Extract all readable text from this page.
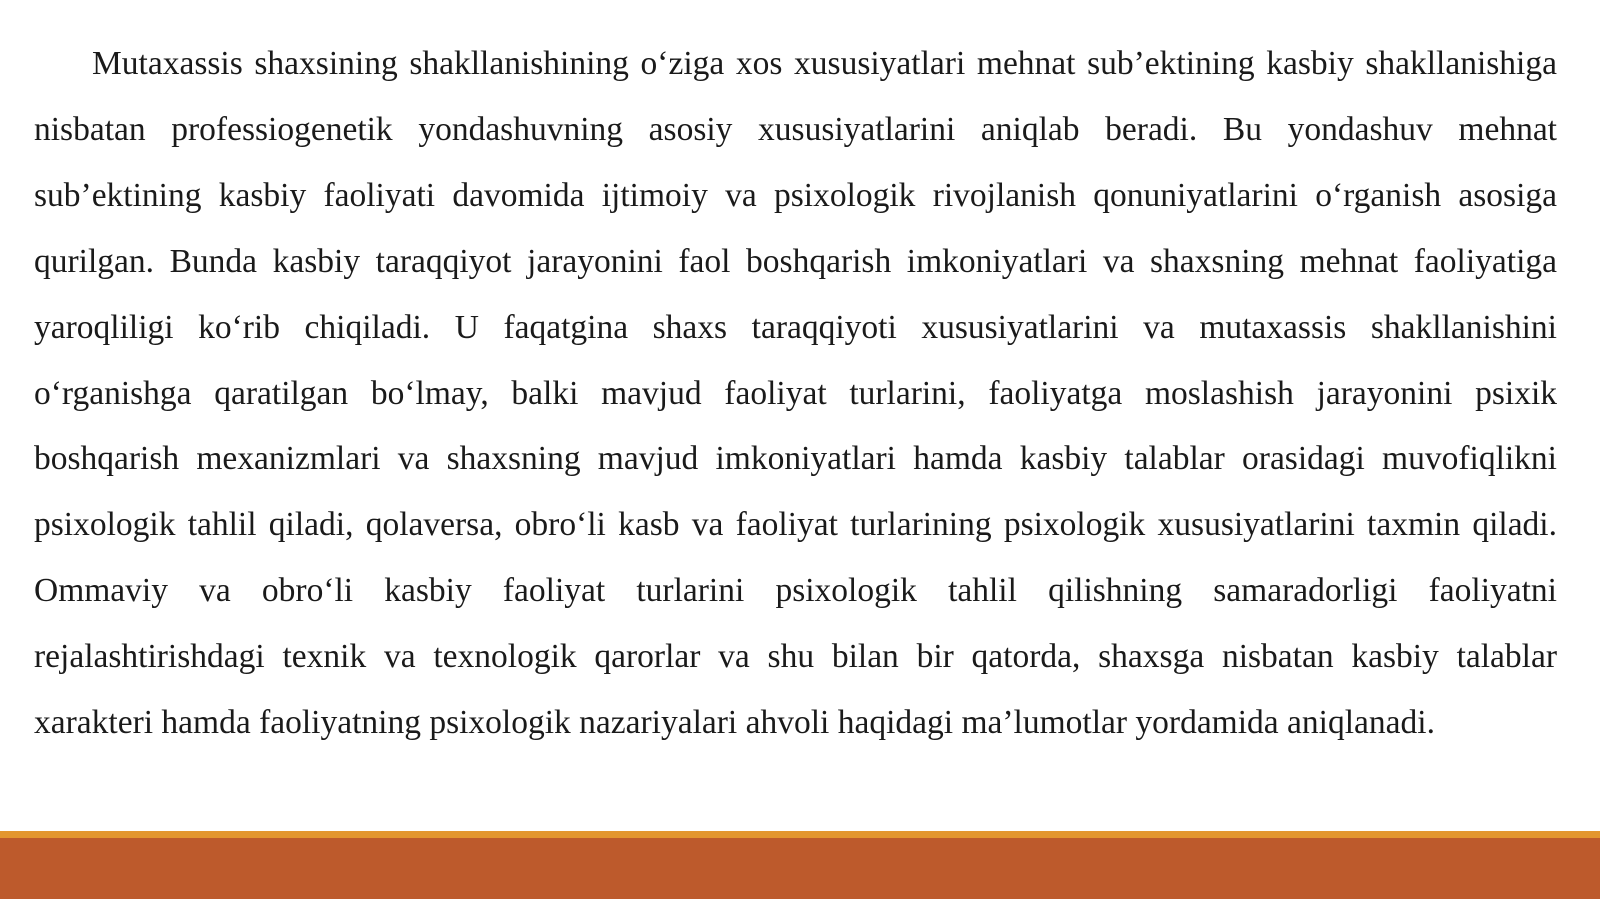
Mutaxassis shaxsining shakllanishining o‘ziga xos xususiyatlari mehnat sub’ektining kasbiy shakllanishiga nisbatan professiogenetik yondashuvning asosiy xususiyatlarini aniqlab beradi. Bu yondashuv mehnat sub’ektining kasbiy faoliyati davomida ijtimoiy va psixologik rivojlanish qonuniyatlarini o‘rganish asosiga qurilgan. Bunda kasbiy taraqqiyot jarayonini faol boshqarish imkoniyatlari va shaxsning mehnat faoliyatiga yaroqliligi ko‘rib chiqiladi. U faqatgina shaxs taraqqiyoti xususiyatlarini va mutaxassis shakllanishini o‘rganishga qaratilgan bo‘lmay, balki mavjud faoliyat turlarini, faoliyatga moslashish jarayonini psixik boshqarish mexanizmlari va shaxsning mavjud imkoniyatlari hamda kasbiy talablar orasidagi muvofiqlikni psixologik tahlil qiladi, qolaversa, obro‘li kasb va faoliyat turlarining psixologik xususiyatlarini taxmin qiladi. Ommaviy va obro‘li kasbiy faoliyat turlarini psixologik tahlil qilishning samaradorligi faoliyatni rejalashtirishdagi texnik va texnologik qarorlar va shu bilan bir qatorda, shaxsga nisbatan kasbiy talablar xarakteri hamda faoliyatning psixologik nazariyalari ahvoli haqidagi ma’lumotlar yordamida aniqlanadi.
